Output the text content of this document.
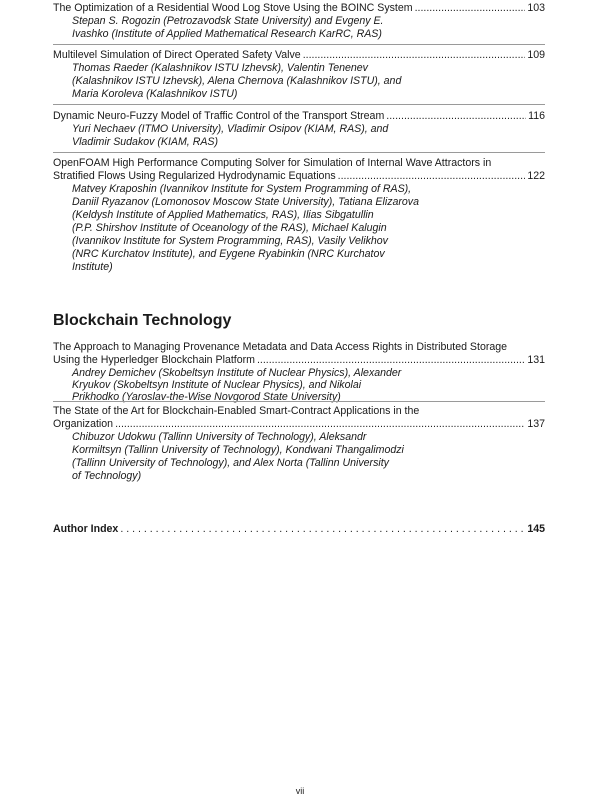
The Optimization of a Residential Wood Log Stove Using the BOINC System .....	103
Stepan S. Rogozin (Petrozavodsk State University) and Evgeny E.
Ivashko (Institute of Applied Mathematical Research KarRC, RAS)
Multilevel Simulation of Direct Operated Safety Valve .....	109
Thomas Raeder (Kalashnikov ISTU Izhevsk), Valentin Tenenev
(Kalashnikov ISTU Izhevsk), Alena Chernova (Kalashnikov ISTU), and
Maria Koroleva (Kalashnikov ISTU)
Dynamic Neuro-Fuzzy Model of Traffic Control of the Transport Stream .....	116
Yuri Nechaev (ITMO University), Vladimir Osipov (KIAM, RAS), and
Vladimir Sudakov (KIAM, RAS)
OpenFOAM High Performance Computing Solver for Simulation of Internal Wave Attractors in
Stratified Flows Using Regularized Hydrodynamic Equations .....	122
Matvey Kraposhin (Ivannikov Institute for System Programming of RAS),
Daniil Ryazanov (Lomonosov Moscow State University), Tatiana Elizarova
(Keldysh Institute of Applied Mathematics, RAS), Ilias Sibgatullin
(P.P. Shirshov Institute of Oceanology of the RAS), Michael Kalugin
(Ivannikov Institute for System Programming, RAS), Vasily Velikhov
(NRC Kurchatov Institute), and Eygene Ryabinkin (NRC Kurchatov
Institute)
Blockchain Technology
The Approach to Managing Provenance Metadata and Data Access Rights in Distributed Storage
Using the Hyperledger Blockchain Platform .....	131
Andrey Demichev (Skobeltsyn Institute of Nuclear Physics), Alexander
Kryukov (Skobeltsyn Institute of Nuclear Physics), and Nikolai
Prikhodko (Yaroslav-the-Wise Novgorod State University)
The State of the Art for Blockchain-Enabled Smart-Contract Applications in the
Organization .....	137
Chibuzor Udokwu (Tallinn University of Technology), Aleksandr
Kormiltsyn (Tallinn University of Technology), Kondwani Thangalimodzi
(Tallinn University of Technology), and Alex Norta (Tallinn University
of Technology)
Author Index . . .	145
vii
